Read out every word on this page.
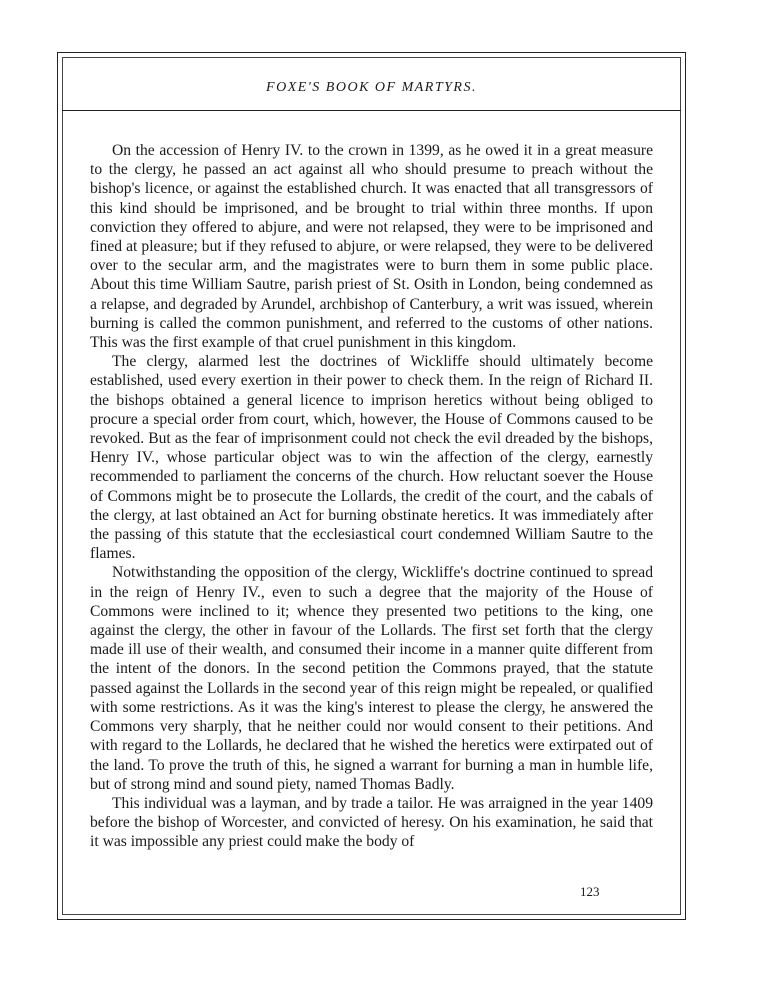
FOXE'S BOOK OF MARTYRS.

On the accession of Henry IV. to the crown in 1399, as he owed it in a great measure to the clergy, he passed an act against all who should presume to preach without the bishop's licence, or against the established church. It was enacted that all transgressors of this kind should be imprisoned, and be brought to trial within three months. If upon conviction they offered to abjure, and were not relapsed, they were to be imprisoned and fined at pleasure; but if they refused to abjure, or were relapsed, they were to be delivered over to the secular arm, and the magistrates were to burn them in some public place. About this time William Sautre, parish priest of St. Osith in London, being condemned as a relapse, and degraded by Arundel, archbishop of Canterbury, a writ was issued, wherein burning is called the common punishment, and referred to the customs of other nations. This was the first example of that cruel punishment in this kingdom.

The clergy, alarmed lest the doctrines of Wickliffe should ultimately become established, used every exertion in their power to check them. In the reign of Richard II. the bishops obtained a general licence to imprison heretics without being obliged to procure a special order from court, which, however, the House of Commons caused to be revoked. But as the fear of imprisonment could not check the evil dreaded by the bishops, Henry IV., whose particular object was to win the affection of the clergy, earnestly recommended to parliament the concerns of the church. How reluctant soever the House of Commons might be to prosecute the Lollards, the credit of the court, and the cabals of the clergy, at last obtained an Act for burning obstinate heretics. It was immediately after the passing of this statute that the ecclesiastical court condemned William Sautre to the flames.

Notwithstanding the opposition of the clergy, Wickliffe's doctrine continued to spread in the reign of Henry IV., even to such a degree that the majority of the House of Commons were inclined to it; whence they presented two petitions to the king, one against the clergy, the other in favour of the Lollards. The first set forth that the clergy made ill use of their wealth, and consumed their income in a manner quite different from the intent of the donors. In the second petition the Commons prayed, that the statute passed against the Lollards in the second year of this reign might be repealed, or qualified with some restrictions. As it was the king's interest to please the clergy, he answered the Commons very sharply, that he neither could nor would consent to their petitions. And with regard to the Lollards, he declared that he wished the heretics were extirpated out of the land. To prove the truth of this, he signed a warrant for burning a man in humble life, but of strong mind and sound piety, named Thomas Badly.

This individual was a layman, and by trade a tailor. He was arraigned in the year 1409 before the bishop of Worcester, and convicted of heresy. On his examination, he said that it was impossible any priest could make the body of

123
